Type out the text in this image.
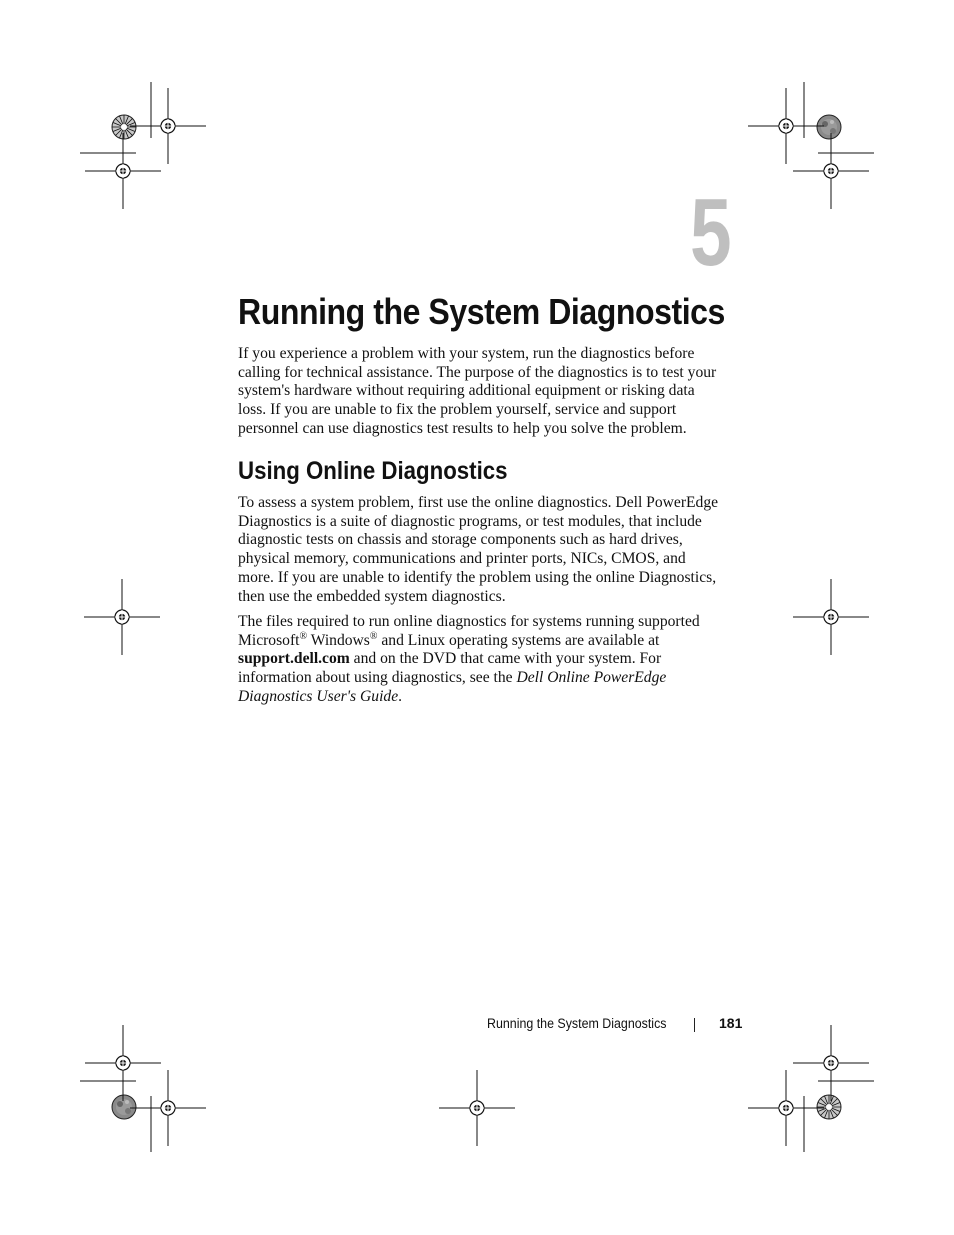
5
Running the System Diagnostics

If you experience a problem with your system, run the diagnostics before
calling for technical assistance. The purpose of the diagnostics is to test your
system's hardware without requiring additional equipment or risking data
loss. If you are unable to fix the problem yourself, service and support
personnel can use diagnostics test results to help you solve the problem.

Using Online Diagnostics

To assess a system problem, first use the online diagnostics. Dell PowerEdge
Diagnostics is a suite of diagnostic programs, or test modules, that include
diagnostic tests on chassis and storage components such as hard drives,
physical memory, communications and printer ports, NICs, CMOS, and
more. If you are unable to identify the problem using the online Diagnostics,
then use the embedded system diagnostics.

The files required to run online diagnostics for systems running supported
Microsoft® Windows® and Linux operating systems are available at
support.dell.com and on the DVD that came with your system. For
information about using diagnostics, see the Dell Online PowerEdge
Diagnostics User's Guide.

Running the System Diagnostics	181
